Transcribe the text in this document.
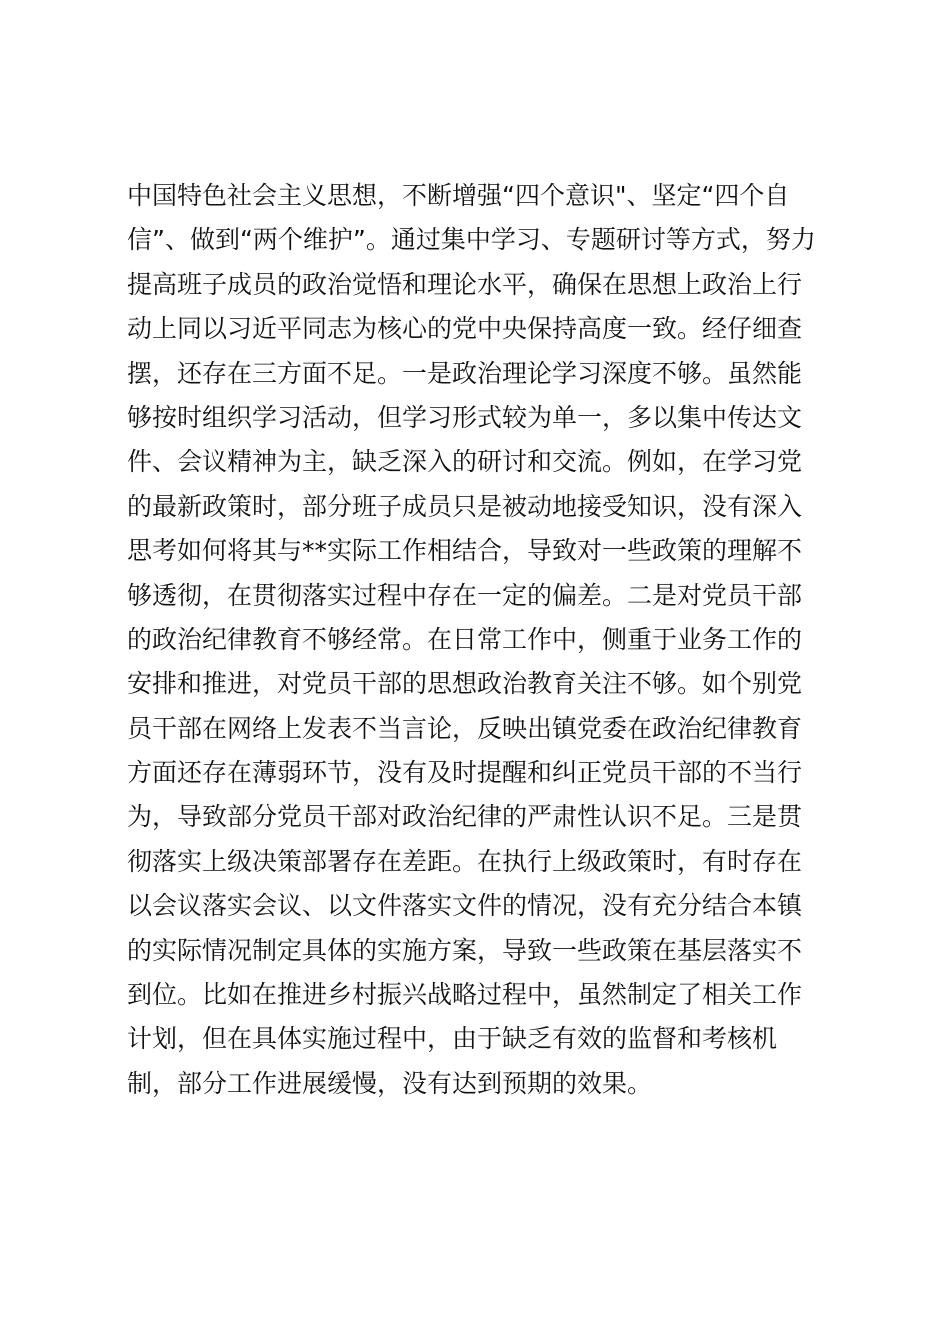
中国特色社会主义思想，不断增强“四个意识"、坚定“四个自
信”、做到“两个维护”。通过集中学习、专题研讨等方式，努力
提高班子成员的政治觉悟和理论水平，确保在思想上政治上行
动上同以习近平同志为核心的党中央保持高度一致。经仔细查
摆，还存在三方面不足。一是政治理论学习深度不够。虽然能
够按时组织学习活动，但学习形式较为单一，多以集中传达文
件、会议精神为主，缺乏深入的研讨和交流。例如，在学习党
的最新政策时，部分班子成员只是被动地接受知识，没有深入
思考如何将其与**实际工作相结合，导致对一些政策的理解不
够透彻，在贯彻落实过程中存在一定的偏差。二是对党员干部
的政治纪律教育不够经常。在日常工作中，侧重于业务工作的
安排和推进，对党员干部的思想政治教育关注不够。如个别党
员干部在网络上发表不当言论，反映出镇党委在政治纪律教育
方面还存在薄弱环节，没有及时提醒和纠正党员干部的不当行
为，导致部分党员干部对政治纪律的严肃性认识不足。三是贯
彻落实上级决策部署存在差距。在执行上级政策时，有时存在
以会议落实会议、以文件落实文件的情况，没有充分结合本镇
的实际情况制定具体的实施方案，导致一些政策在基层落实不
到位。比如在推进乡村振兴战略过程中，虽然制定了相关工作
计划，但在具体实施过程中，由于缺乏有效的监督和考核机
制，部分工作进展缓慢，没有达到预期的效果。
